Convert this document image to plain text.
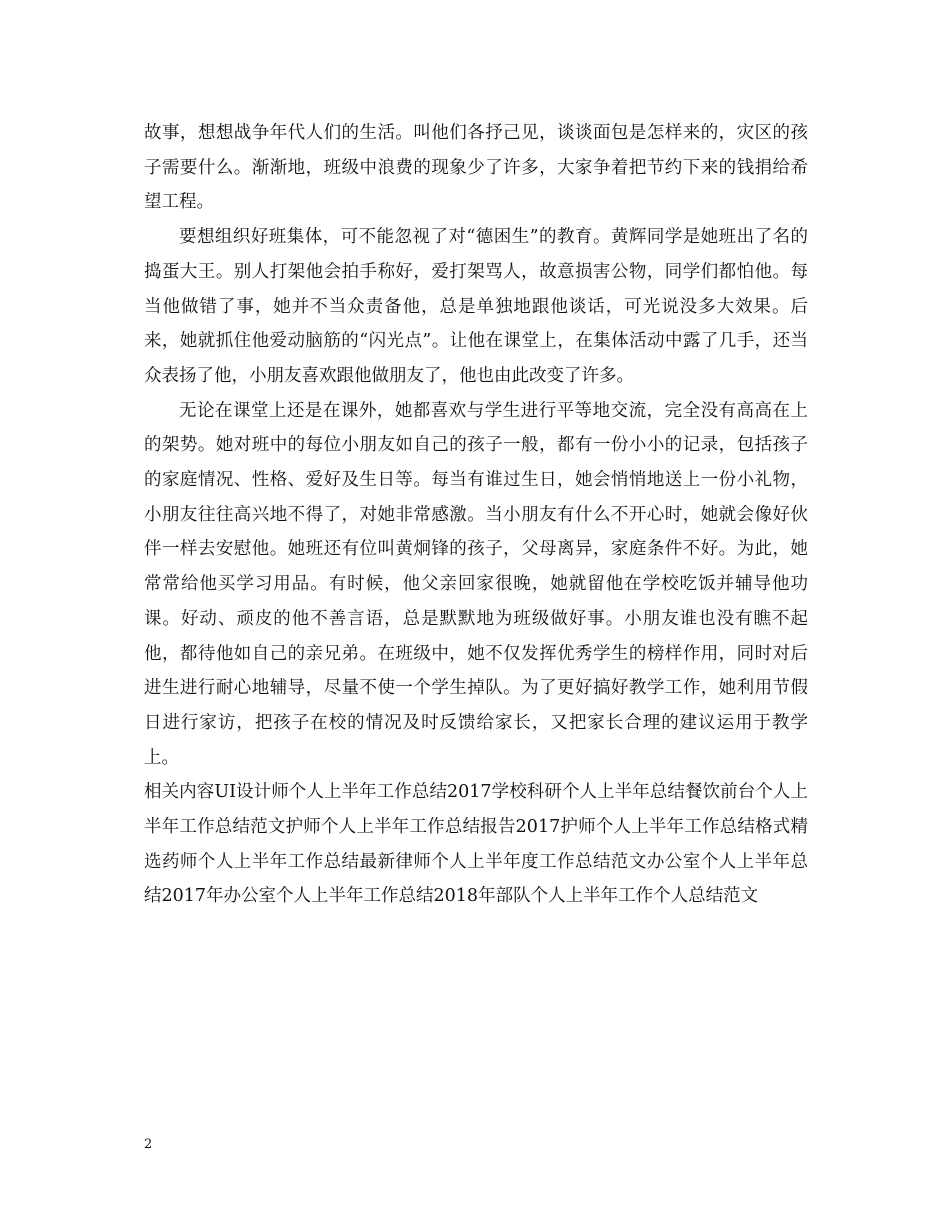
故事，想想战争年代人们的生活。叫他们各抒己见，谈谈面包是怎样来的，灾区的孩子需要什么。渐渐地，班级中浪费的现象少了许多，大家争着把节约下来的钱捐给希望工程。

要想组织好班集体，可不能忽视了对“德困生”的教育。黄辉同学是她班出了名的捣蛋大王。别人打架他会拍手称好，爱打架骂人，故意损害公物，同学们都怕他。每当他做错了事，她并不当众责备他，总是单独地跟他谈话，可光说没多大效果。后来，她就抓住他爱动脑筋的“闪光点”。让他在课堂上，在集体活动中露了几手，还当众表扬了他，小朋友喜欢跟他做朋友了，他也由此改变了许多。

无论在课堂上还是在课外，她都喜欢与学生进行平等地交流，完全没有高高在上的架势。她对班中的每位小朋友如自己的孩子一般，都有一份小小的记录，包括孩子的家庭情况、性格、爱好及生日等。每当有谁过生日，她会悄悄地送上一份小礼物，小朋友往往高兴地不得了，对她非常感激。当小朋友有什么不开心时，她就会像好伙伴一样去安慰他。她班还有位叫黄炯锋的孩子，父母离异，家庭条件不好。为此，她常常给他买学习用品。有时候，他父亲回家很晚，她就留他在学校吃饭并辅导他功课。好动、顽皮的他不善言语，总是默默地为班级做好事。小朋友谁也没有瞧不起他，都待他如自己的亲兄弟。在班级中，她不仅发挥优秀学生的榜样作用，同时对后进生进行耐心地辅导，尽量不使一个学生掉队。为了更好搞好教学工作，她利用节假日进行家访，把孩子在校的情况及时反馈给家长，又把家长合理的建议运用于教学上。

相关内容UI设计师个人上半年工作总结2017学校科研个人上半年总结餐饮前台个人上半年工作总结范文护师个人上半年工作总结报告2017护师个人上半年工作总结格式精选药师个人上半年工作总结最新律师个人上半年度工作总结范文办公室个人上半年总结2017年办公室个人上半年工作总结2018年部队个人上半年工作个人总结范文

2
